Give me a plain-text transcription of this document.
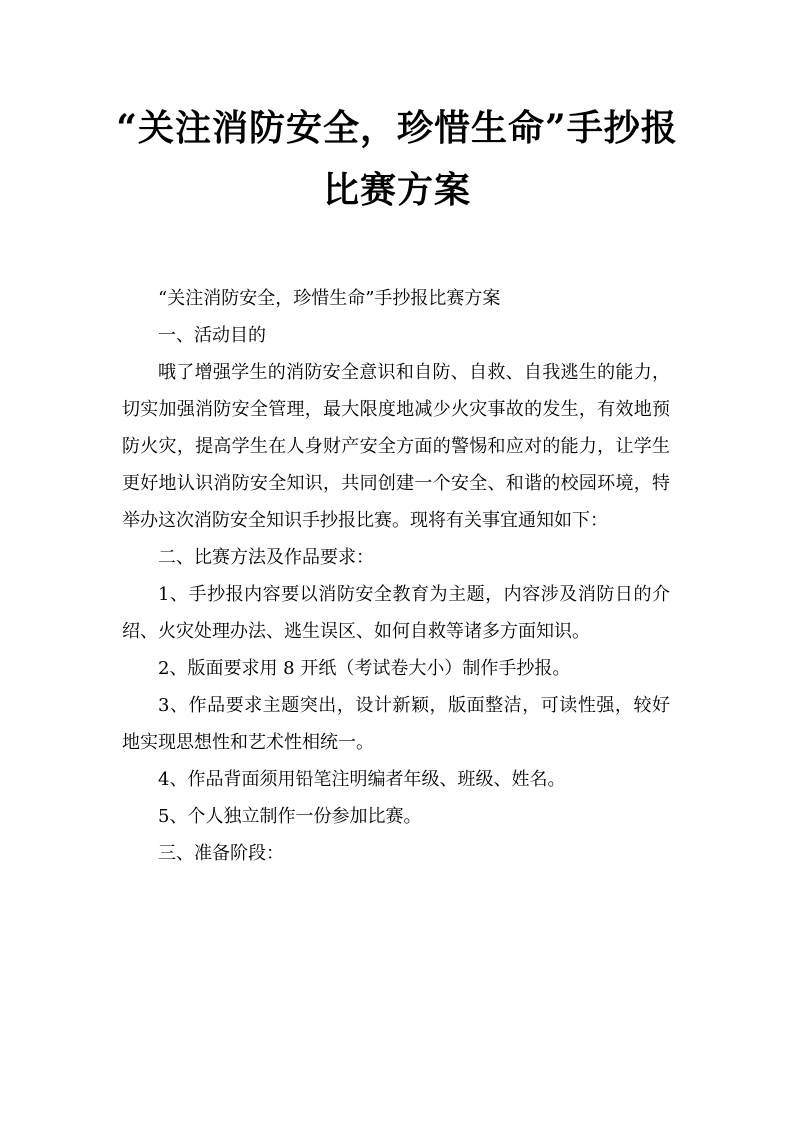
“关注消防安全，珍惜生命”手抄报
比赛方案

“关注消防安全，珍惜生命”手抄报比赛方案

一、活动目的

哦了增强学生的消防安全意识和自防、自救、自我逃生的能力，切实加强消防安全管理，最大限度地减少火灾事故的发生，有效地预防火灾，提高学生在人身财产安全方面的警惕和应对的能力，让学生更好地认识消防安全知识，共同创建一个安全、和谐的校园环境，特举办这次消防安全知识手抄报比赛。现将有关事宜通知如下：

二、比赛方法及作品要求：

1、手抄报内容要以消防安全教育为主题，内容涉及消防日的介绍、火灾处理办法、逃生误区、如何自救等诸多方面知识。

2、版面要求用 8 开纸（考试卷大小）制作手抄报。

3、作品要求主题突出，设计新颖，版面整洁，可读性强，较好地实现思想性和艺术性相统一。

4、作品背面须用铅笔注明编者年级、班级、姓名。

5、个人独立制作一份参加比赛。

三、准备阶段：
